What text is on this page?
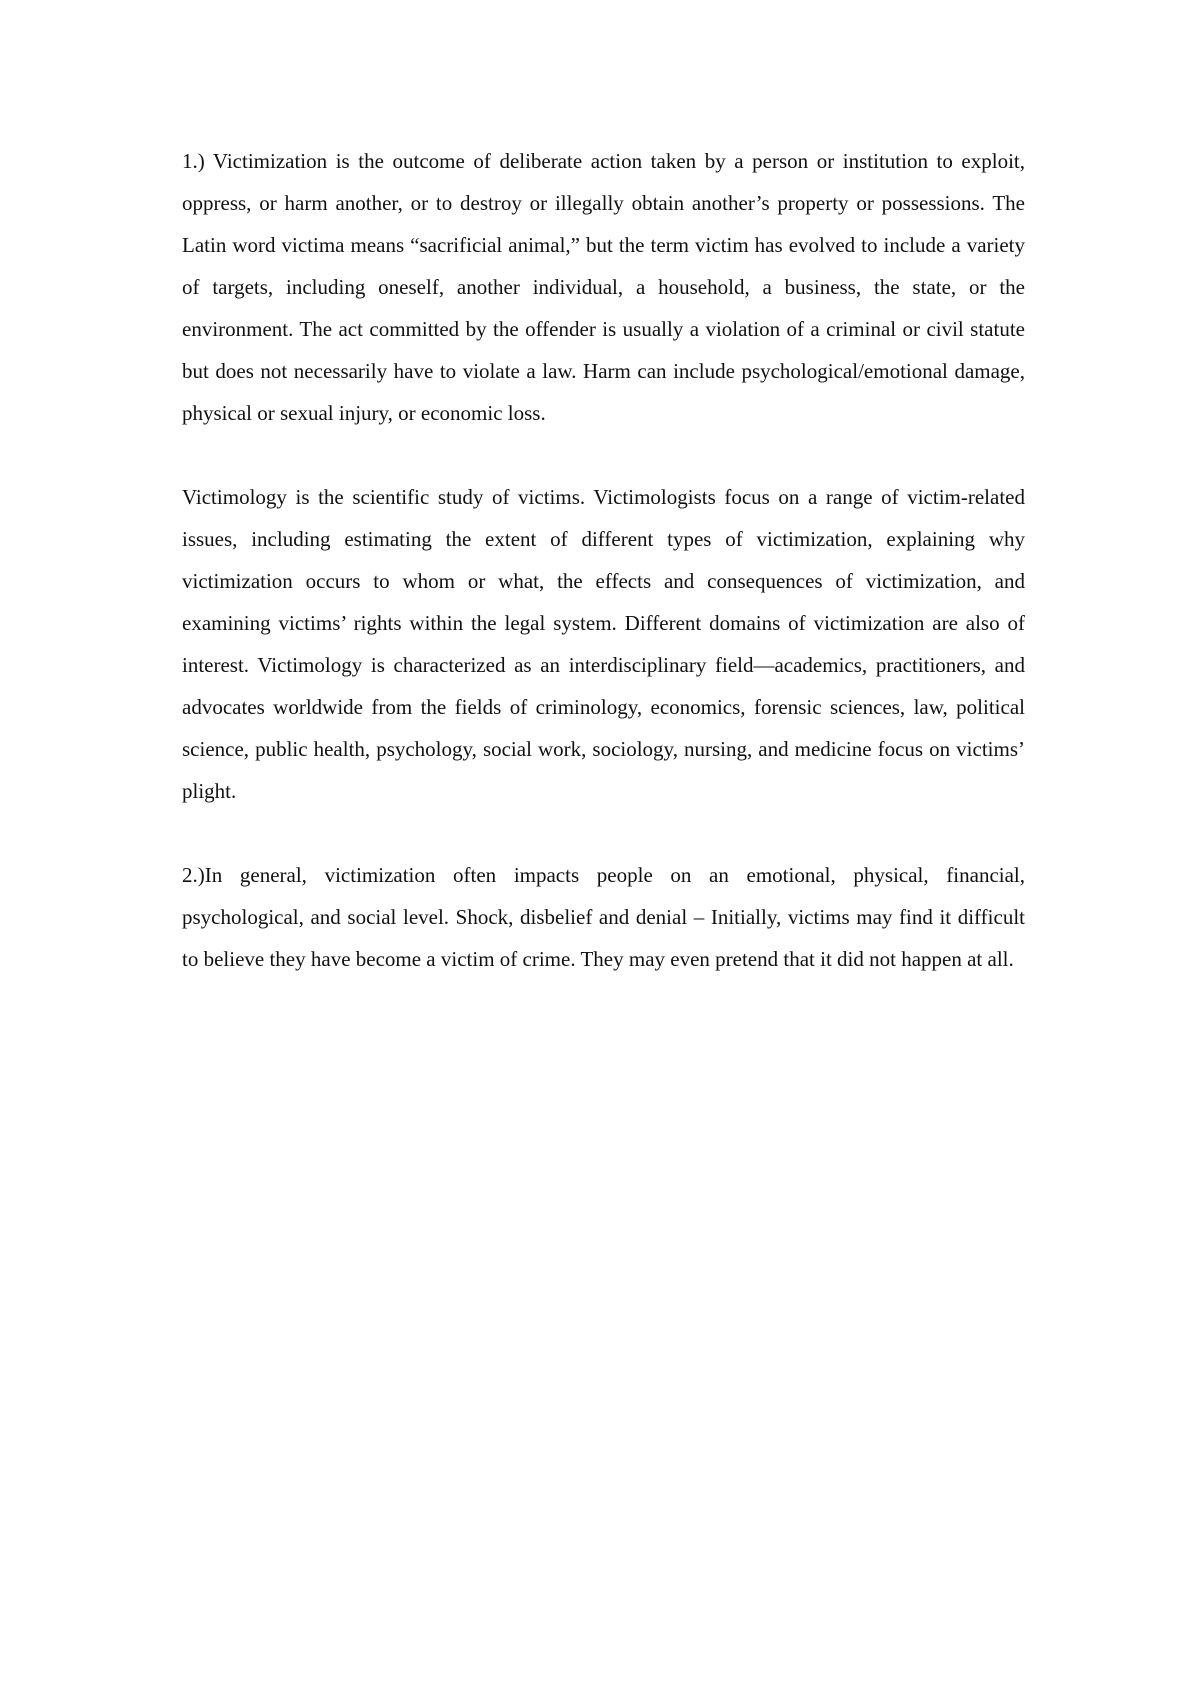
1.) Victimization is the outcome of deliberate action taken by a person or institution to exploit, oppress, or harm another, or to destroy or illegally obtain another’s property or possessions. The Latin word victima means “sacrificial animal,” but the term victim has evolved to include a variety of targets, including oneself, another individual, a household, a business, the state, or the environment. The act committed by the offender is usually a violation of a criminal or civil statute but does not necessarily have to violate a law. Harm can include psychological/emotional damage, physical or sexual injury, or economic loss.

Victimology is the scientific study of victims. Victimologists focus on a range of victim-related issues, including estimating the extent of different types of victimization, explaining why victimization occurs to whom or what, the effects and consequences of victimization, and examining victims’ rights within the legal system. Different domains of victimization are also of interest. Victimology is characterized as an interdisciplinary field—academics, practitioners, and advocates worldwide from the fields of criminology, economics, forensic sciences, law, political science, public health, psychology, social work, sociology, nursing, and medicine focus on victims’ plight.

2.)In general, victimization often impacts people on an emotional, physical, financial, psychological, and social level. Shock, disbelief and denial – Initially, victims may find it difficult to believe they have become a victim of crime. They may even pretend that it did not happen at all.
